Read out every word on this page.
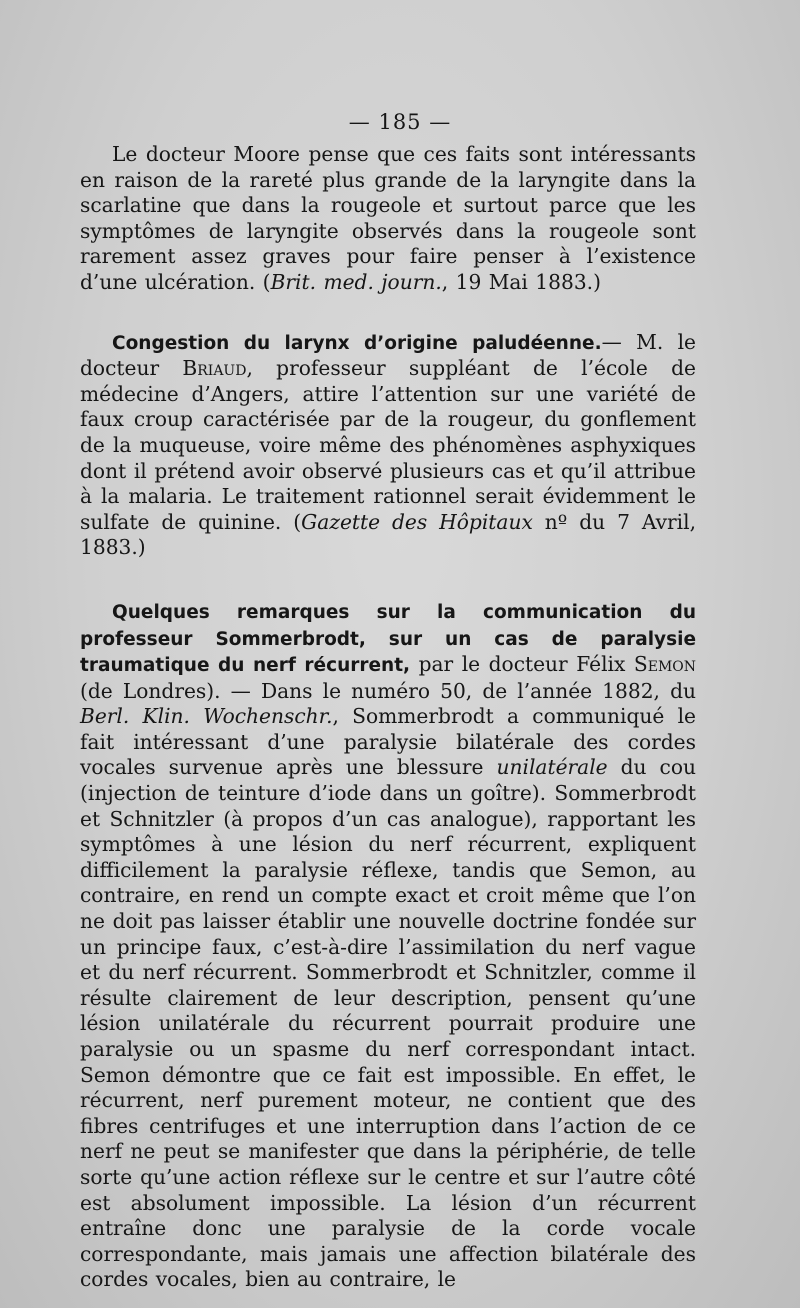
— 185 —

Le docteur Moore pense que ces faits sont intéressants en raison de la rareté plus grande de la laryngite dans la scarlatine que dans la rougeole et surtout parce que les symptômes de laryngite observés dans la rougeole sont rarement assez graves pour faire penser à l’existence d’une ulcération. (Brit. med. journ., 19 Mai 1883.)

Congestion du larynx d’origine paludéenne.— M. le docteur Briaud, professeur suppléant de l’école de médecine d’Angers, attire l’attention sur une variété de faux croup caractérisée par de la rougeur, du gonflement de la muqueuse, voire même des phénomènes asphyxiques dont il prétend avoir observé plusieurs cas et qu’il attribue à la malaria. Le traitement rationnel serait évidemment le sulfate de quinine. (Gazette des Hôpitaux nº du 7 Avril, 1883.)

Quelques remarques sur la communication du professeur Sommerbrodt, sur un cas de paralysie traumatique du nerf récurrent, par le docteur Félix Semon (de Londres). — Dans le numéro 50, de l’année 1882, du Berl. Klin. Wochenschr., Sommerbrodt a communiqué le fait intéressant d’une paralysie bilatérale des cordes vocales survenue après une blessure unilatérale du cou (injection de teinture d’iode dans un goître). Sommerbrodt et Schnitzler (à propos d’un cas analogue), rapportant les symptômes à une lésion du nerf récurrent, expliquent difficilement la paralysie réflexe, tandis que Semon, au contraire, en rend un compte exact et croit même que l’on ne doit pas laisser établir une nouvelle doctrine fondée sur un principe faux, c’est-à-dire l’assimilation du nerf vague et du nerf récurrent. Sommerbrodt et Schnitzler, comme il résulte clairement de leur description, pensent qu’une lésion unilatérale du récurrent pourrait produire une paralysie ou un spasme du nerf correspondant intact. Semon démontre que ce fait est impossible. En effet, le récurrent, nerf purement moteur, ne contient que des fibres centrifuges et une interruption dans l’action de ce nerf ne peut se manifester que dans la périphérie, de telle sorte qu’une action réflexe sur le centre et sur l’autre côté est absolument impossible. La lésion d’un récurrent entraîne donc une paralysie de la corde vocale correspondante, mais jamais une affection bilatérale des cordes vocales, bien au contraire, le
